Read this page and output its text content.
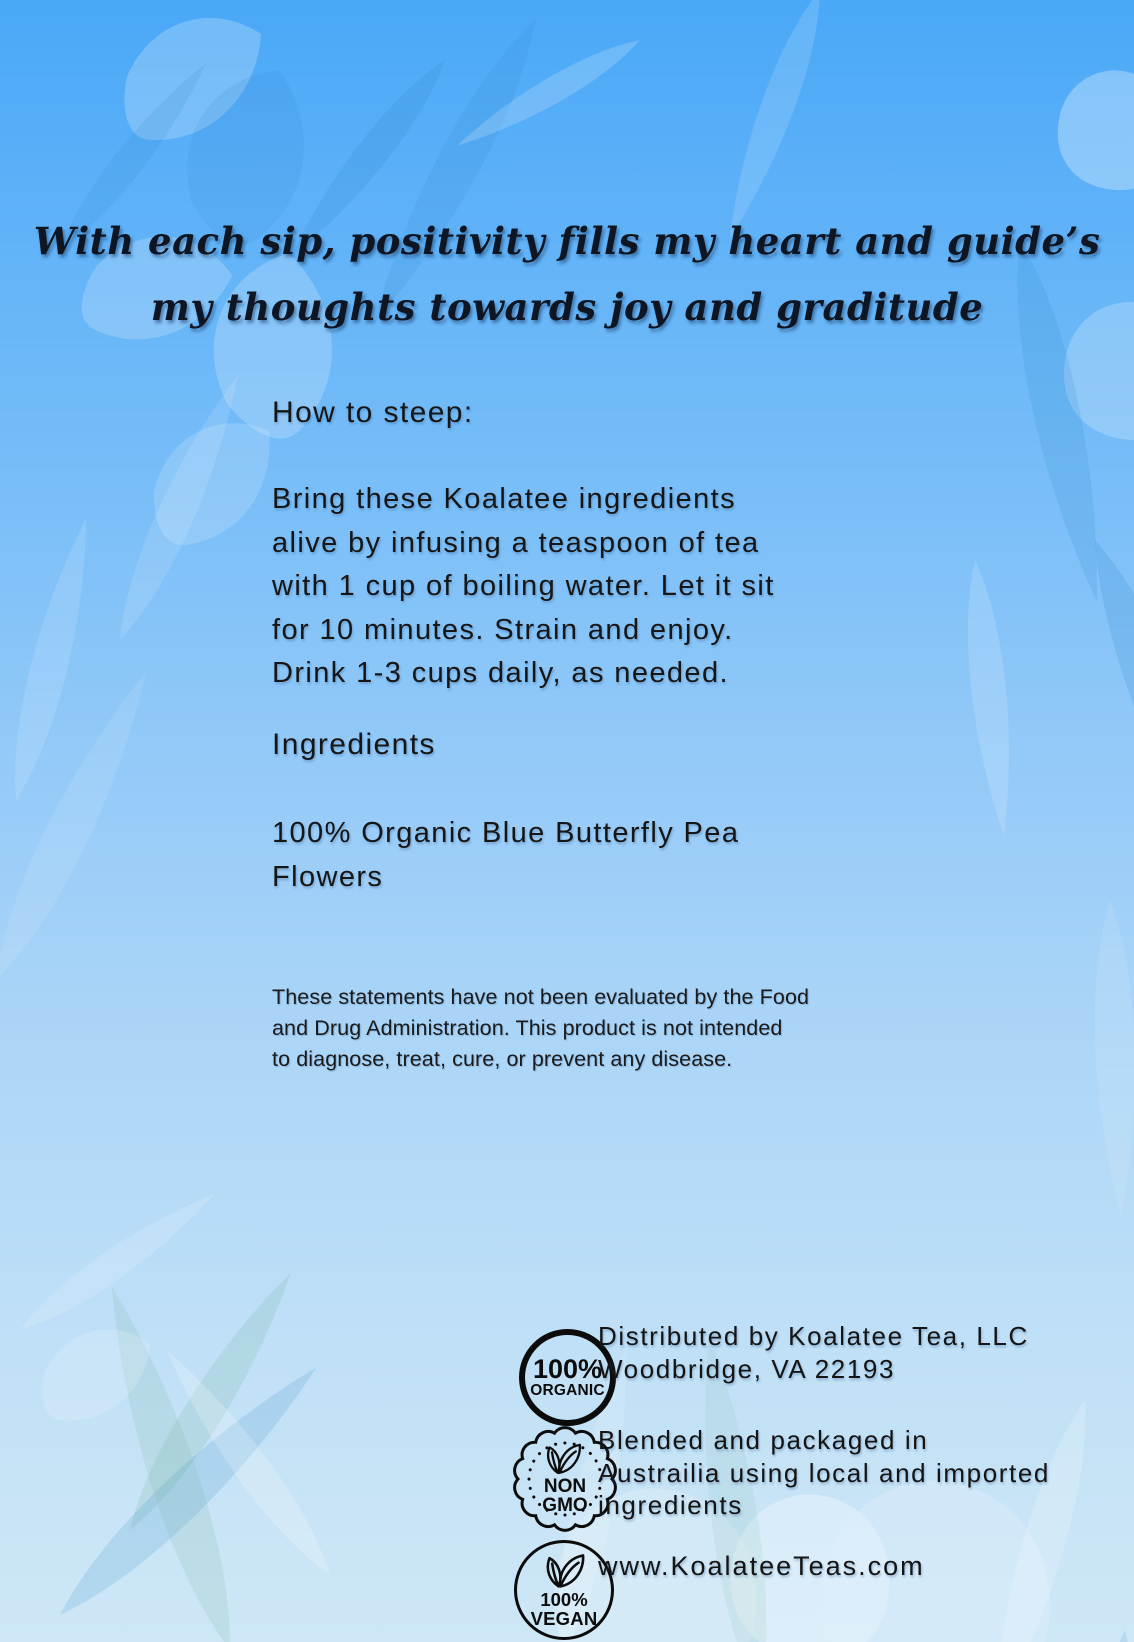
With each sip, positivity fills my heart and guide’s
my thoughts towards joy and graditude
How to steep:
Bring these Koalatee ingredients
alive by infusing a teaspoon of tea
with 1 cup of boiling water. Let it sit
for 10 minutes. Strain and enjoy.
Drink 1-3 cups daily, as needed.
Ingredients
100% Organic Blue Butterfly Pea
Flowers
These statements have not been evaluated by the Food
and Drug Administration. This product is not intended
to diagnose, treat, cure, or prevent any disease.
100%
ORGANIC
Distributed by Koalatee Tea, LLC
Woodbridge, VA 22193
NON
GMO
Blended and packaged in
Austrailia using local and imported
ingredients
100%
VEGAN
www.KoalateeTeas.com
